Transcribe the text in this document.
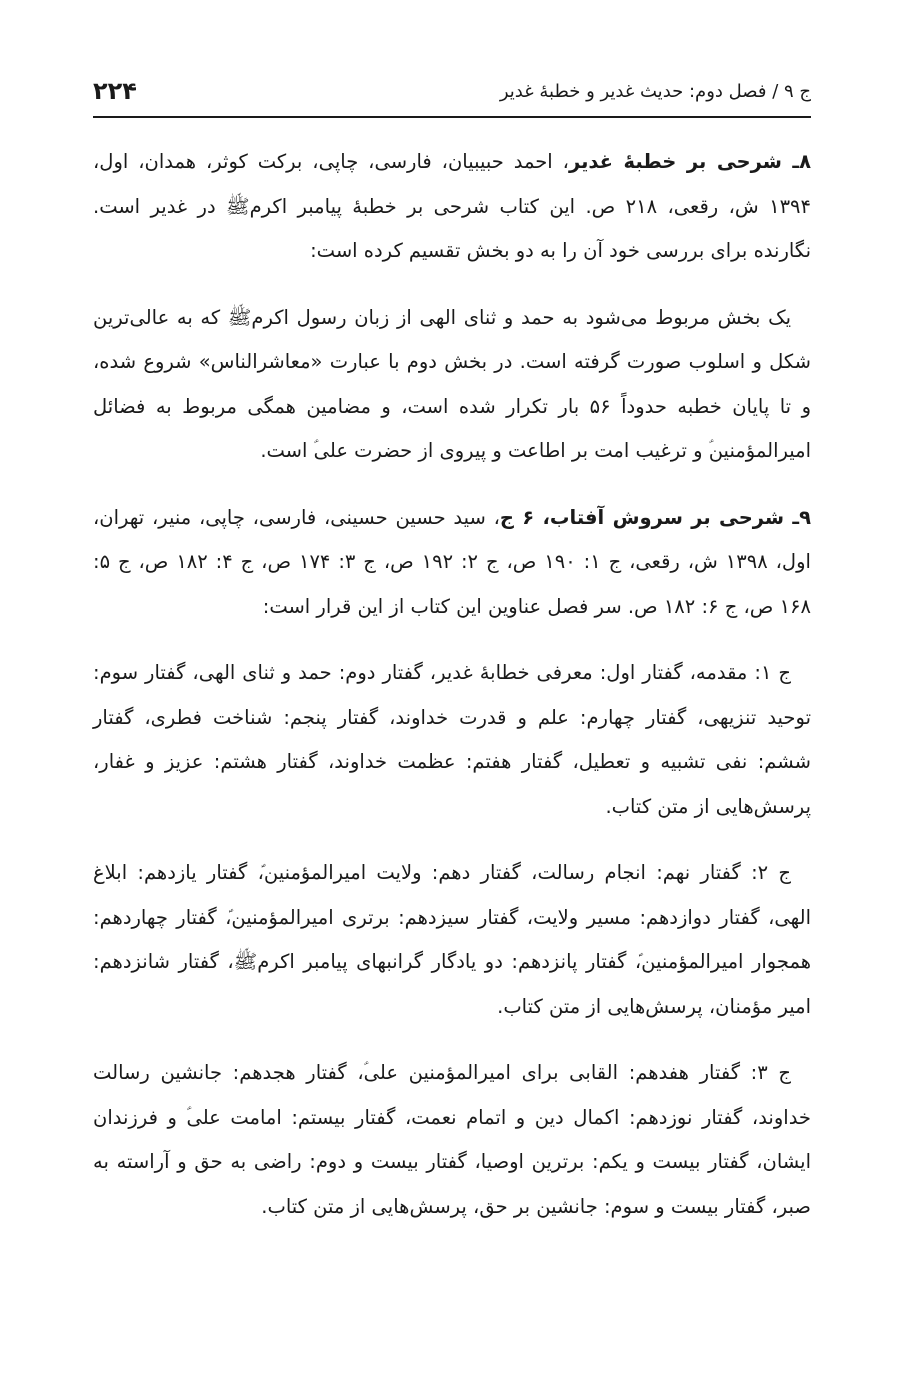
ج ۹ / فصل دوم: حدیث غدیر و خطبهٔ غدیر
۲۲۴

۸ـ شرحی بر خطبهٔ غدیر، احمد حبیبیان، فارسی، چاپی، برکت کوثر، همدان، اول، ۱۳۹۴ ش، رقعی، ۲۱۸ ص. این کتاب شرحی بر خطبهٔ پیامبر اکرمﷺ در غدیر است. نگارنده برای بررسی خود آن را به دو بخش تقسیم کرده است:

یک بخش مربوط می‌شود به حمد و ثنای الهی از زبان رسول اکرمﷺ که به عالی‌ترین شکل و اسلوب صورت گرفته است. در بخش دوم با عبارت «معاشرالناس» شروع شده، و تا پایان خطبه حدوداً ۵۶ بار تکرار شده است، و مضامین همگی مربوط به فضائل امیرالمؤمنین‌ؑ و ترغیب امت بر اطاعت و پیروی از حضرت علی‌ؑ است.

۹ـ شرحی بر سروش آفتاب، ۶ ج، سید حسین حسینی، فارسی، چاپی، منیر، تهران، اول، ۱۳۹۸ ش، رقعی، ج ۱: ۱۹۰ ص، ج ۲: ۱۹۲ ص، ج ۳: ۱۷۴ ص، ج ۴: ۱۸۲ ص، ج ۵: ۱۶۸ ص، ج ۶: ۱۸۲ ص. سر فصل عناوین این کتاب از این قرار است:

ج ۱: مقدمه، گفتار اول: معرفی خطابهٔ غدیر، گفتار دوم: حمد و ثنای الهی، گفتار سوم: توحید تنزیهی، گفتار چهارم: علم و قدرت خداوند، گفتار پنجم: شناخت فطری، گفتار ششم: نفی تشبیه و تعطیل، گفتار هفتم: عظمت خداوند، گفتار هشتم: عزیز و غفار، پرسش‌هایی از متن کتاب.

ج ۲: گفتار نهم: انجام رسالت، گفتار دهم: ولایت امیرالمؤمنین‌ؑ، گفتار یازدهم: ابلاغ الهی، گفتار دوازدهم: مسیر ولایت، گفتار سیزدهم: برتری امیرالمؤمنین‌ؑ، گفتار چهاردهم: همجوار امیرالمؤمنین‌ؑ، گفتار پانزدهم: دو یادگار گرانبهای پیامبر اکرمﷺ، گفتار شانزدهم: امیر مؤمنان، پرسش‌هایی از متن کتاب.

ج ۳: گفتار هفدهم: القابی برای امیرالمؤمنین علی‌ؑ، گفتار هجدهم: جانشین رسالت خداوند، گفتار نوزدهم: اکمال دین و اتمام نعمت، گفتار بیستم: امامت علی‌ؑ و فرزندان ایشان، گفتار بیست و یکم: برترین اوصیا، گفتار بیست و دوم: راضی به حق و آراسته به صبر، گفتار بیست و سوم: جانشین بر حق، پرسش‌هایی از متن کتاب.
